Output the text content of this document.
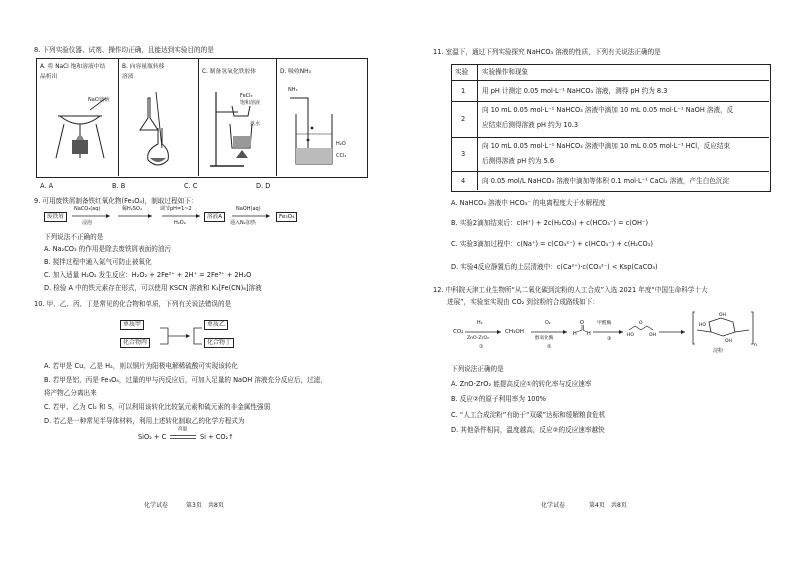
8. 下列实验仪器、试剂、操作均正确，且能达到实验目的的是
A. 将 NaCl 饱和溶液中结
晶析出
B. 向容量瓶转移
溶液
C. 制备氢氧化铁胶体	D. 吸收NH₃
NaCl溶液
FeCl₃
饱和溶液
氨水
NH₃
H₂O
CCl₄
A. A	B. B	C. C	D. D
9. 可用废铁屑制备铁红氧化物(Fe₃O₄)，制取过程如下：
废铁屑
NaCO₃(aq)
浸泡
稀H₂SO₄	调节pH=1~2
H₂O₂
溶液A
NaOH(aq)
通入N₂加热
Fe₃O₄
下列说法不正确的是
A. Na₂CO₃ 的作用是除去废铁屑表面的油污
B. 搅拌过程中通入氮气可防止被氧化
C. 加入适量 H₂O₂ 发生反应：H₂O₂ + 2Fe²⁺ + 2H⁺ = 2Fe³⁺ + 2H₂O
D. 检验 A 中的铁元素存在形式，可以使用 KSCN 溶液和 K₃[Fe(CN)₆]溶液
10. 甲、乙、丙、丁是常见的化合物和单质，下列有关说法错误的是
单质甲
化合物丙
单质乙
化合物丁
A. 若甲是 Cu、乙是 H₂，则以铜片为阳极电解稀硫酸可实现该转化
B. 若甲是铝，丙是 Fe₃O₄，过量的甲与丙反应后，可加入足量的 NaOH 溶液充分反应后，过滤，
将产物乙分离出来
C. 若甲、乙为 Cl₂ 和 S，可以利用该转化比较氯元素和硫元素的非金属性强弱
D. 若乙是一种常见半导体材料，利用上述转化制取乙的化学方程式为
SiO₂ + C
高温
Si + CO₂↑
化学试卷	第3页 共8页
11. 室温下，通过下列实验探究 NaHCO₃ 溶液的性质，下列有关说法正确的是
实验 实验操作和现象
1	用 pH 计测定 0.05 mol·L⁻¹ NaHCO₃ 溶液，测得 pH 约为 8.3
2
向 10 mL 0.05 mol·L⁻¹ NaHCO₃ 溶液中滴加 10 mL 0.05 mol·L⁻¹ NaOH 溶液，反
应结束后测得溶液 pH 约为 10.3
3
向 10 mL 0.05 mol·L⁻¹ NaHCO₃ 溶液中滴加 10 mL 0.05 mol·L⁻¹ HCl，反应结束
后测得溶液 pH 约为 5.6
4	向 0.05 mol/L NaHCO₃ 溶液中滴加等体积 0.1 mol·L⁻¹ CaCl₂ 溶液，产生白色沉淀
A. NaHCO₃ 溶液中 HCO₃⁻ 的电离程度大于水解程度
B. 实验2滴加结束后：c(H⁺) + 2c(H₂CO₃) + c(HCO₃⁻) = c(OH⁻)
C. 实验3滴加过程中：c(Na⁺) = c(CO₃²⁻) + c(HCO₃⁻) + c(H₂CO₃)
D. 实验4反应静置后的上层清液中：c(Ca²⁺)·c(CO₃²⁻) < Ksp(CaCO₃)
12. 中科院天津工业生物所“从二氧化碳到淀粉的人工合成”入选 2021 年度“中国生命科学十大
进展”，实验室实现由 CO₂ 到淀粉的合成路线如下：
CO₂
H₂
ZnO-ZrO₂
①
CH₃OH
O₂
醇氧化酶
②
O
H H
甲醛酶
③
HO
O
OH
OH
HO
OH
n
淀粉
下列说法正确的是
A. ZnO-ZrO₂ 能提高反应①的转化率与反应速率
B. 反应②的原子利用率为 100%
C. “人工合成淀粉”有助于“双碳”达标和缓解粮食危机
D. 其他条件相同，温度越高，反应②的反应速率越快
化学试卷	第4页 共8页
